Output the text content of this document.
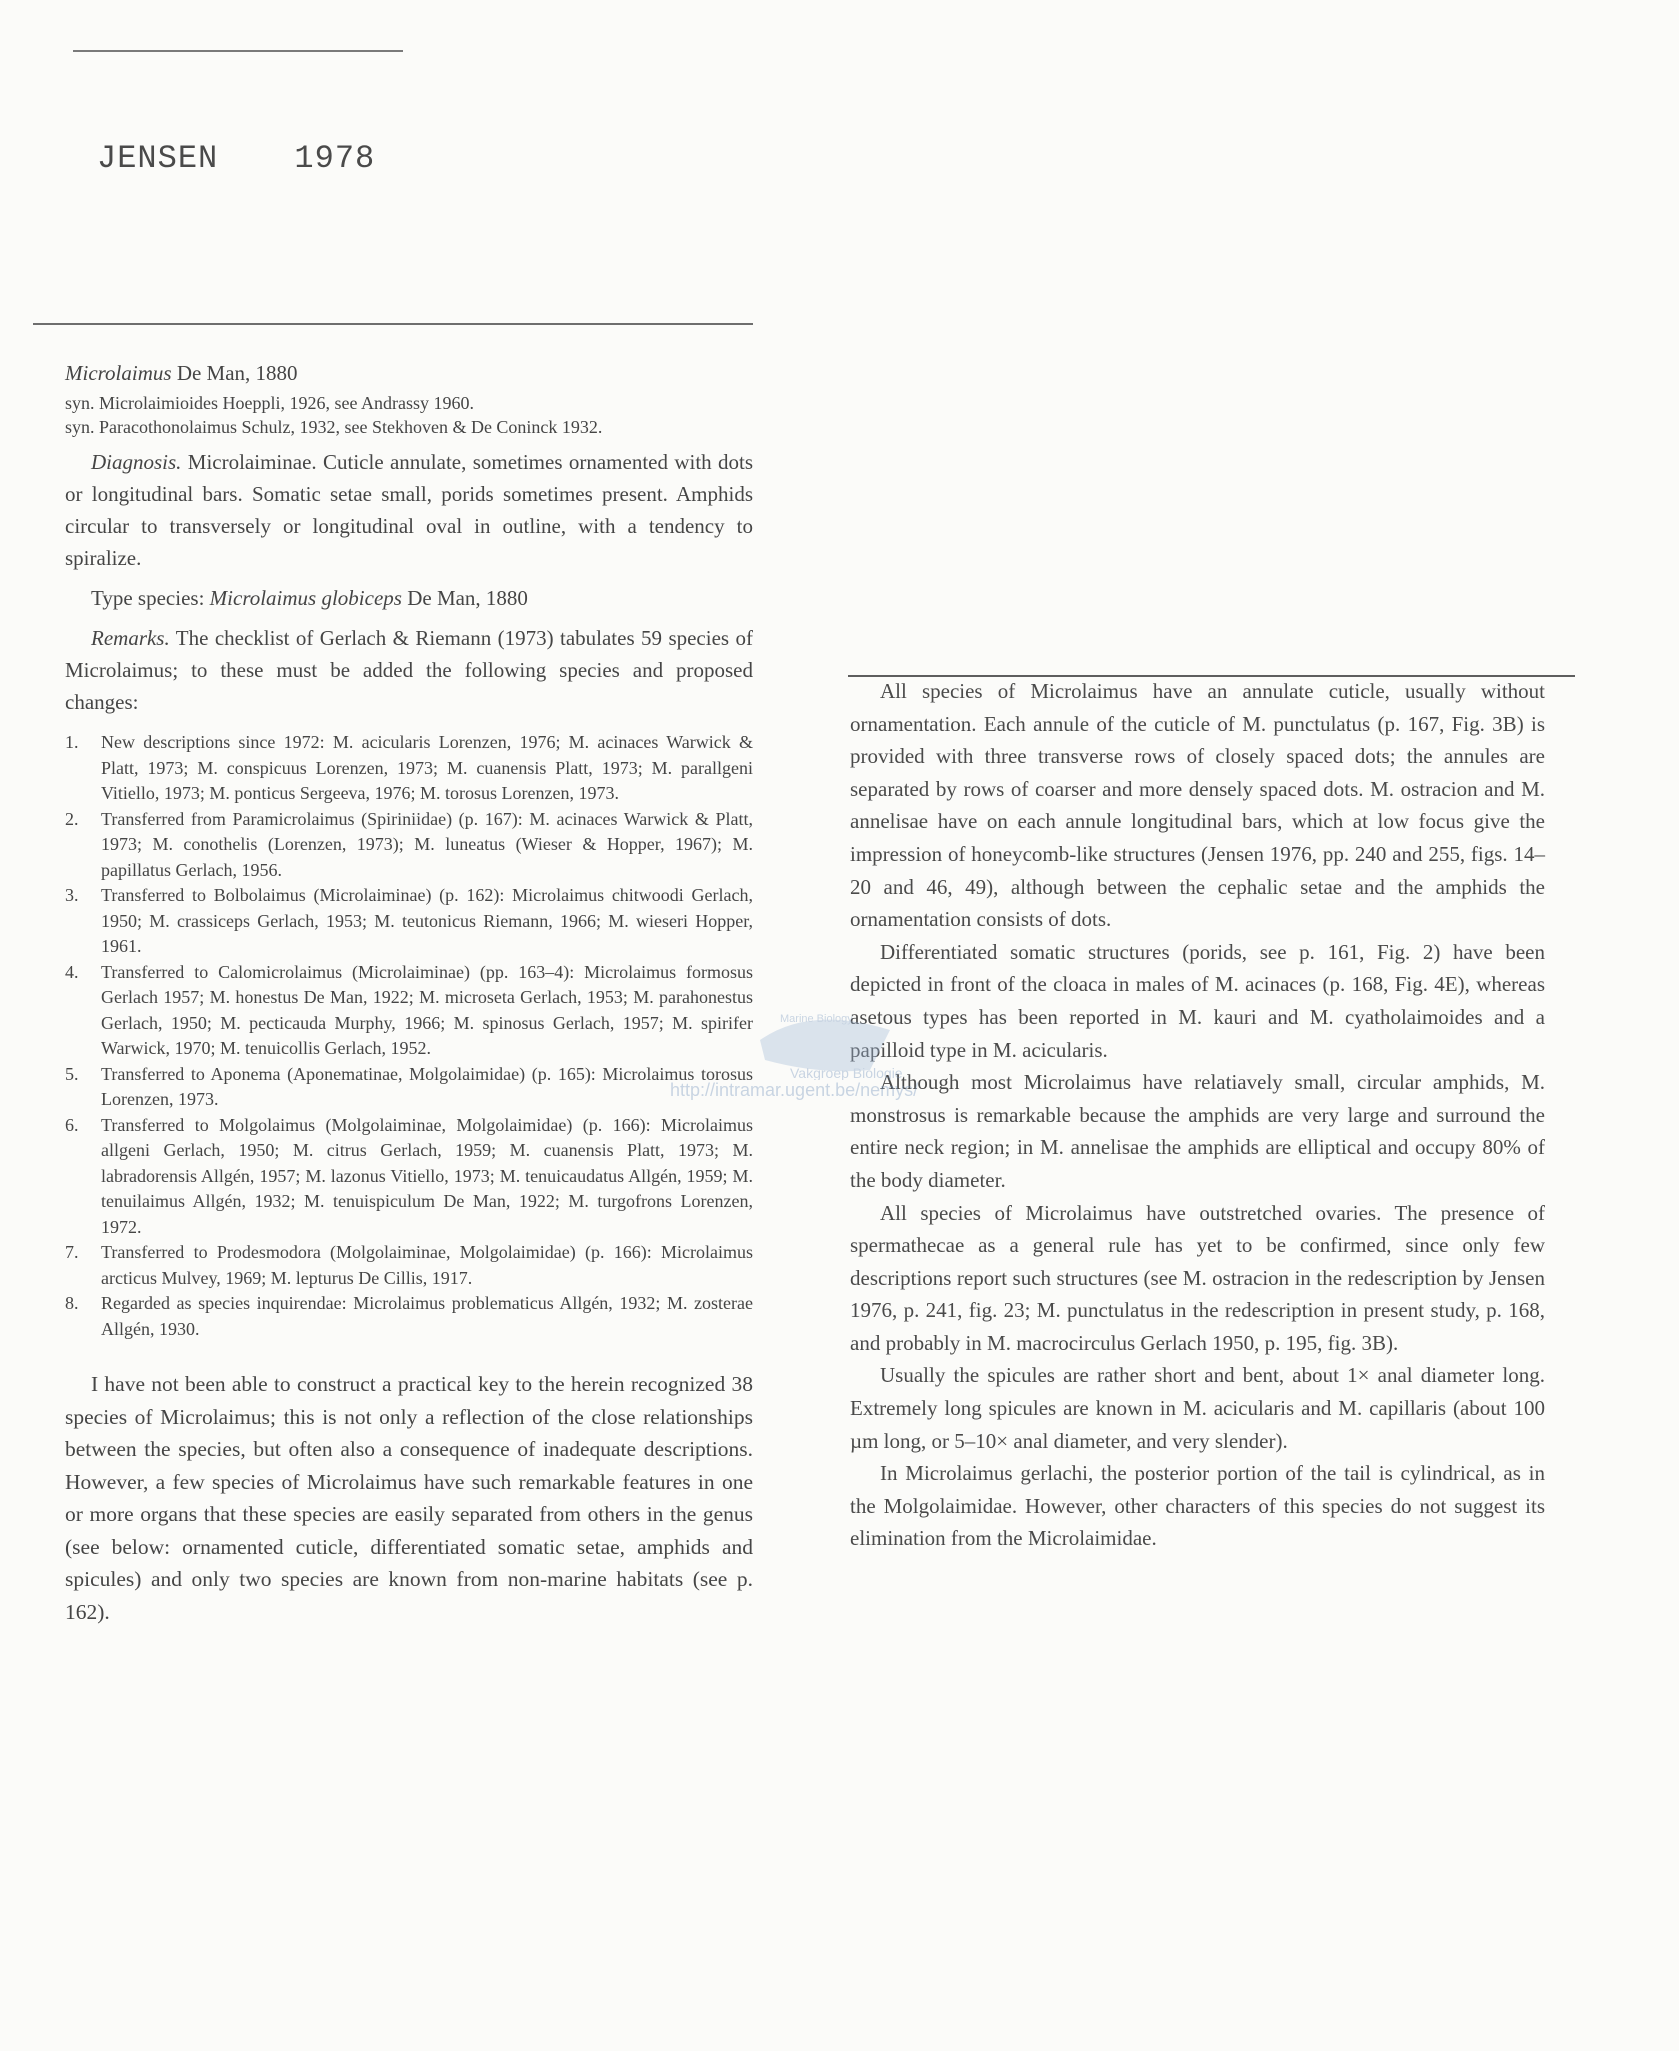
JENSEN 1978

Microlaimus De Man, 1880

syn. Microlaimioides Hoeppli, 1926, see Andrassy 1960.

syn. Paracothonolaimus Schulz, 1932, see Stekhoven & De Coninck 1932.

Diagnosis. Microlaiminae. Cuticle annulate, sometimes ornamented with dots or longitudinal bars. Somatic setae small, porids sometimes present. Amphids circular to transversely or longitudinal oval in outline, with a tendency to spiralize.

Type species: Microlaimus globiceps De Man, 1880

Remarks. The checklist of Gerlach & Riemann (1973) tabulates 59 species of Microlaimus; to these must be added the following species and proposed changes:

1. New descriptions since 1972: M. acicularis Lorenzen, 1976; M. acinaces Warwick & Platt, 1973; M. conspicuus Lorenzen, 1973; M. cuanensis Platt, 1973; M. parallgeni Vitiello, 1973; M. ponticus Sergeeva, 1976; M. torosus Lorenzen, 1973.
2. Transferred from Paramicrolaimus (Spiriniidae) (p. 167): M. acinaces Warwick & Platt, 1973; M. conothelis (Lorenzen, 1973); M. luneatus (Wieser & Hopper, 1967); M. papillatus Gerlach, 1956.
3. Transferred to Bolbolaimus (Microlaiminae) (p. 162): Microlaimus chitwoodi Gerlach, 1950; M. crassiceps Gerlach, 1953; M. teutonicus Riemann, 1966; M. wieseri Hopper, 1961.
4. Transferred to Calomicrolaimus (Microlaiminae) (pp. 163–4): Microlaimus formosus Gerlach 1957; M. honestus De Man, 1922; M. microseta Gerlach, 1953; M. parahonestus Gerlach, 1950; M. pecticauda Murphy, 1966; M. spinosus Gerlach, 1957; M. spirifer Warwick, 1970; M. tenuicollis Gerlach, 1952.
5. Transferred to Aponema (Aponematinae, Molgolaimidae) (p. 165): Microlaimus torosus Lorenzen, 1973.
6. Transferred to Molgolaimus (Molgolaiminae, Molgolaimidae) (p. 166): Microlaimus allgeni Gerlach, 1950; M. citrus Gerlach, 1959; M. cuanensis Platt, 1973; M. labradorensis Allgén, 1957; M. lazonus Vitiello, 1973; M. tenuicaudatus Allgén, 1959; M. tenuilaimus Allgén, 1932; M. tenuispiculum De Man, 1922; M. turgofrons Lorenzen, 1972.
7. Transferred to Prodesmodora (Molgolaiminae, Molgolaimidae) (p. 166): Microlaimus arcticus Mulvey, 1969; M. lepturus De Cillis, 1917.
8. Regarded as species inquirendae: Microlaimus problematicus Allgén, 1932; M. zosterae Allgén, 1930.

I have not been able to construct a practical key to the herein recognized 38 species of Microlaimus; this is not only a reflection of the close relationships between the species, but often also a consequence of inadequate descriptions. However, a few species of Microlaimus have such remarkable features in one or more organs that these species are easily separated from others in the genus (see below: ornamented cuticle, differentiated somatic setae, amphids and spicules) and only two species are known from non-marine habitats (see p. 162).

All species of Microlaimus have an annulate cuticle, usually without ornamentation. Each annule of the cuticle of M. punctulatus (p. 167, Fig. 3B) is provided with three transverse rows of closely spaced dots; the annules are separated by rows of coarser and more densely spaced dots. M. ostracion and M. annelisae have on each annule longitudinal bars, which at low focus give the impression of honeycomb-like structures (Jensen 1976, pp. 240 and 255, figs. 14–20 and 46, 49), although between the cephalic setae and the amphids the ornamentation consists of dots.

Differentiated somatic structures (porids, see p. 161, Fig. 2) have been depicted in front of the cloaca in males of M. acinaces (p. 168, Fig. 4E), whereas asetous types has been reported in M. kauri and M. cyatholaimoides and a papilloid type in M. acicularis.

Although most Microlaimus have relatiavely small, circular amphids, M. monstrosus is remarkable because the amphids are very large and surround the entire neck region; in M. annelisae the amphids are elliptical and occupy 80% of the body diameter.

All species of Microlaimus have outstretched ovaries. The presence of spermathecae as a general rule has yet to be confirmed, since only few descriptions report such structures (see M. ostracion in the redescription by Jensen 1976, p. 241, fig. 23; M. punctulatus in the redescription in present study, p. 168, and probably in M. macrocirculus Gerlach 1950, p. 195, fig. 3B).

Usually the spicules are rather short and bent, about 1× anal diameter long. Extremely long spicules are known in M. acicularis and M. capillaris (about 100 µm long, or 5–10× anal diameter, and very slender).

In Microlaimus gerlachi, the posterior portion of the tail is cylindrical, as in the Molgolaimidae. However, other characters of this species do not suggest its elimination from the Microlaimidae.

Marine Biology
Vakgroep Biologie
http://intramar.ugent.be/nemys/
